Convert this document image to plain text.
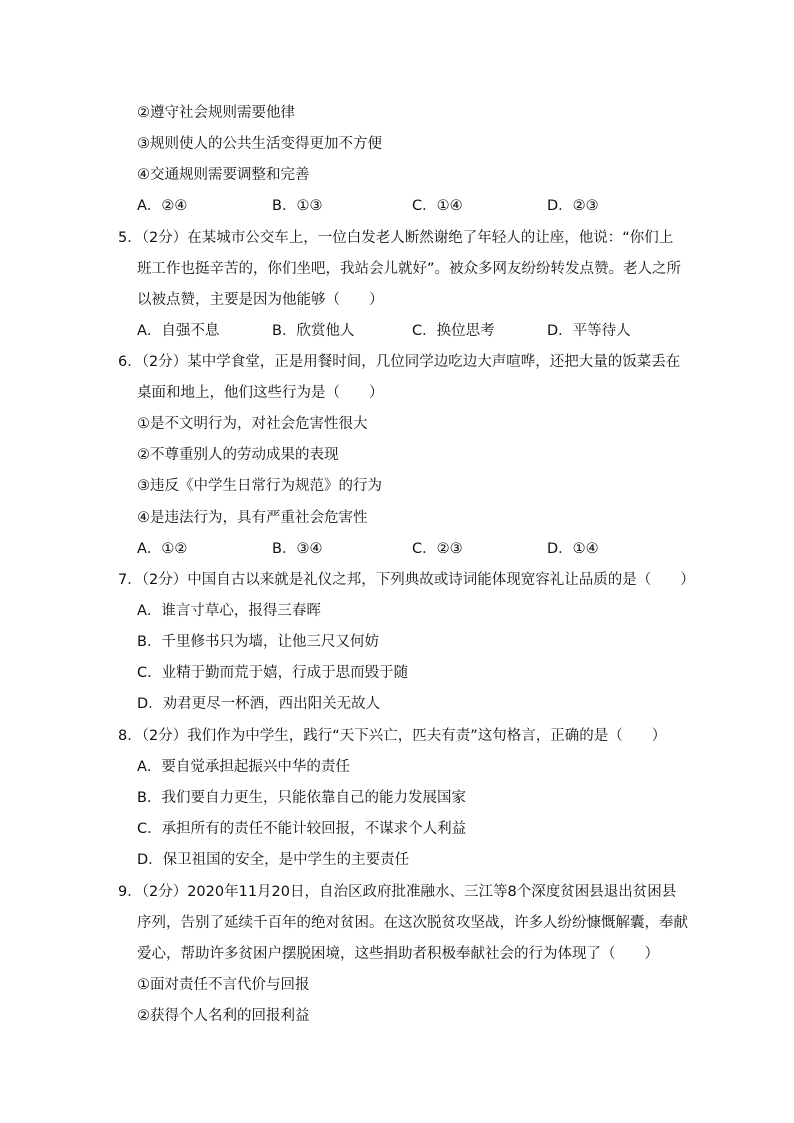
②遵守社会规则需要他律
③规则使人的公共生活变得更加不方便
④交通规则需要调整和完善
A．②④	B．①③	C．①④	D．②③
5．（2分）在某城市公交车上，一位白发老人断然谢绝了年轻人的让座，他说：“你们上
班工作也挺辛苦的，你们坐吧，我站会儿就好”。被众多网友纷纷转发点赞。老人之所
以被点赞，主要是因为他能够（　　）
A．自强不息	B．欣赏他人	C．换位思考	D．平等待人
6．（2分）某中学食堂，正是用餐时间，几位同学边吃边大声喧哗，还把大量的饭菜丢在
桌面和地上，他们这些行为是（　　）
①是不文明行为，对社会危害性很大
②不尊重别人的劳动成果的表现
③违反《中学生日常行为规范》的行为
④是违法行为，具有严重社会危害性
A．①②	B．③④	C．②③	D．①④
7．（2分）中国自古以来就是礼仪之邦，下列典故或诗词能体现宽容礼让品质的是（　　）
A．谁言寸草心，报得三春晖
B．千里修书只为墙，让他三尺又何妨
C．业精于勤而荒于嬉，行成于思而毁于随
D．劝君更尽一杯酒，西出阳关无故人
8．（2分）我们作为中学生，践行“天下兴亡，匹夫有责”这句格言，正确的是（　　）
A．要自觉承担起振兴中华的责任
B．我们要自力更生，只能依靠自己的能力发展国家
C．承担所有的责任不能计较回报，不谋求个人利益
D．保卫祖国的安全，是中学生的主要责任
9．（2分）2020年11月20日，自治区政府批准融水、三江等8个深度贫困县退出贫困县
序列，告别了延续千百年的绝对贫困。在这次脱贫攻坚战，许多人纷纷慷慨解囊，奉献
爱心，帮助许多贫困户摆脱困境，这些捐助者积极奉献社会的行为体现了（　　）
①面对责任不言代价与回报
②获得个人名利的回报利益
